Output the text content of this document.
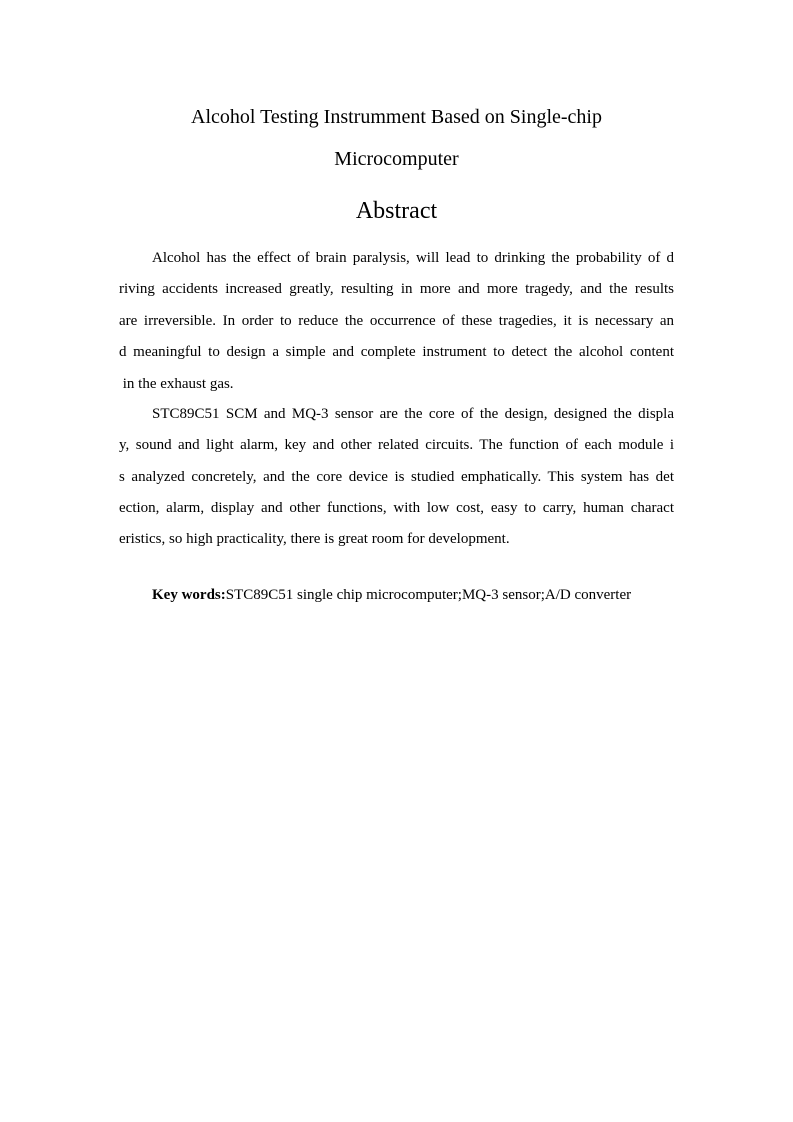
Alcohol Testing Instrumment Based on Single-chip
Microcomputer
Abstract
Alcohol has the effect of brain paralysis, will lead to drinking the probability of d
riving accidents increased greatly, resulting in more and more tragedy, and the results
are irreversible. In order to reduce the occurrence of these tragedies, it is necessary an
d meaningful to design a simple and complete instrument to detect the alcohol content
in the exhaust gas.
STC89C51 SCM and MQ-3 sensor are the core of the design, designed the displa
y, sound and light alarm, key and other related circuits. The function of each module i
s analyzed concretely, and the core device is studied emphatically. This system has det
ection, alarm, display and other functions, with low cost, easy to carry, human charact
eristics, so high practicality, there is great room for development.
Key words:STC89C51 single chip microcomputer;MQ-3 sensor;A/D converter
